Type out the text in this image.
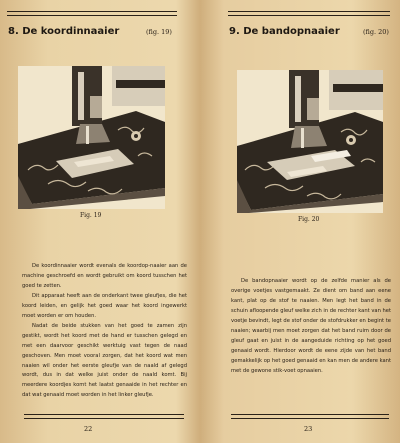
8. De koordinnaaier	(fig. 19)
Fig. 19

De koordinnaaier wordt evenals de koordop-naaier aan de machine geschroefd en wordt gebruikt om koord tusschen het goed te zetten.

Dit apparaat heeft aan de onderkant twee gleufjes, die het koord leiden, en gelijk het goed waar het koord ingewerkt moet worden er om houden.

Nadat de beide stukken van het goed te zamen zijn gestikt, wordt het koord met de hand er tusschen gelegd en met een daarvoor geschikt werktuig vast tegen de naad geschoven. Men moet vooral zorgen, dat het koord wat men naaien wil onder het eerste gleufje van de naald af gelegd wordt, dus in dat welke juist onder de naald komt. Bij meerdere koordjes komt het laatst genaaide in het rechter en dat wat genaaid moet worden in het linker gleufje.

22
9. De bandopnaaier	(fig. 20)
Fig. 20

De bandopnaaier wordt op de zelfde manier als de overige voetjes vastgemaakt. Ze dient om band aan eene kant, plat op de stof te naaien. Men legt het band in de schuin afloopende gleuf welke zich in de rechter kant van het voetje bevindt, legt de stof onder de stofdrukker en begint te naaien; waarbij men moet zorgen dat het band ruim door de gleuf gaat en juist in de aangeduide richting op het goed genaaid wordt. Hierdoor wordt de eene zijde van het band gemakkelijk op het goed genaaid en kan men de andere kant met de gewone stik-voet opnaaien.

23
